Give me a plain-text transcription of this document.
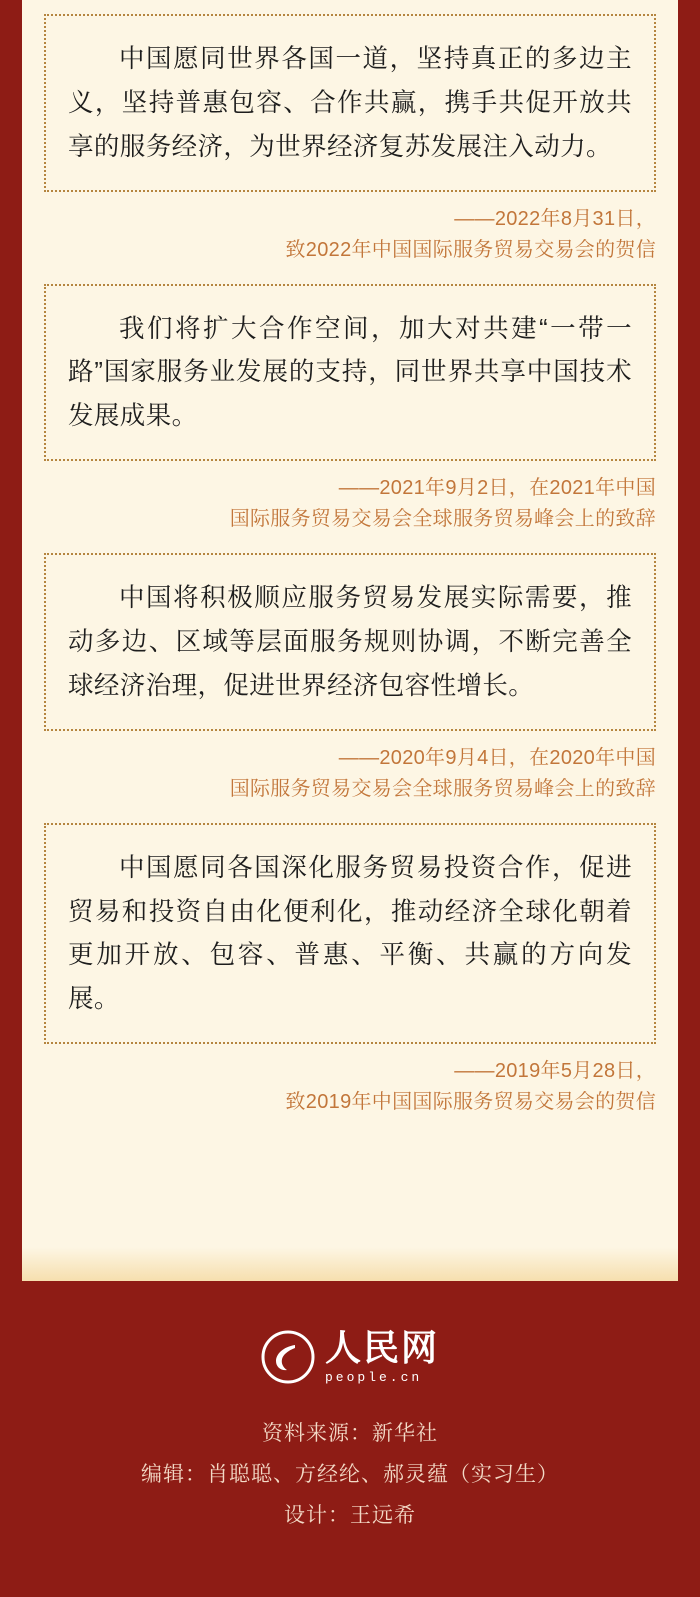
中国愿同世界各国一道，坚持真正的多边主义，坚持普惠包容、合作共赢，携手共促开放共享的服务经济，为世界经济复苏发展注入动力。
——2022年8月31日，
致2022年中国国际服务贸易交易会的贺信
我们将扩大合作空间，加大对共建“一带一路”国家服务业发展的支持，同世界共享中国技术发展成果。
——2021年9月2日，在2021年中国
国际服务贸易交易会全球服务贸易峰会上的致辞
中国将积极顺应服务贸易发展实际需要，推动多边、区域等层面服务规则协调，不断完善全球经济治理，促进世界经济包容性增长。
——2020年9月4日，在2020年中国
国际服务贸易交易会全球服务贸易峰会上的致辞
中国愿同各国深化服务贸易投资合作，促进贸易和投资自由化便利化，推动经济全球化朝着更加开放、包容、普惠、平衡、共赢的方向发展。
——2019年5月28日，
致2019年中国国际服务贸易交易会的贺信
人民网
people.cn
资料来源：新华社
编辑：肖聪聪、方经纶、郝灵蕴（实习生）
设计：王远希
